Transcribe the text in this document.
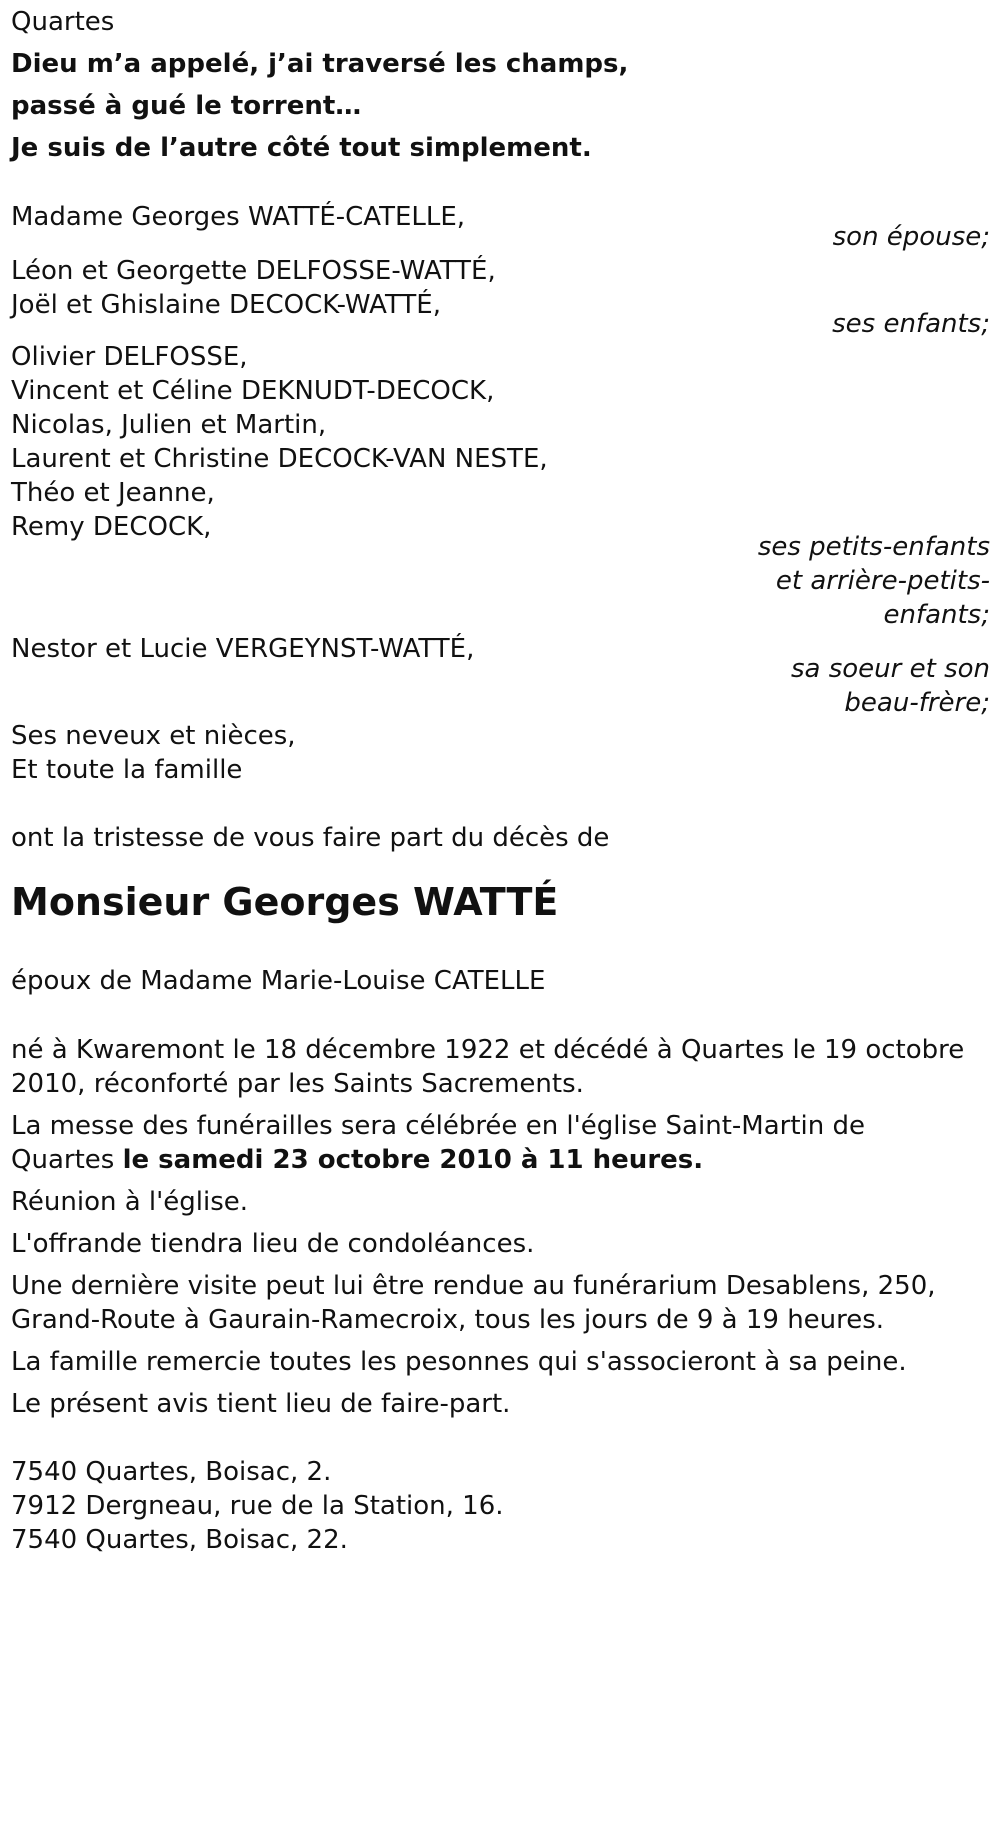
Quartes
Dieu m’a appelé, j’ai traversé les champs,
passé à gué le torrent…
Je suis de l’autre côté tout simplement.
Madame Georges WATTÉ-CATELLE,
son épouse;
Léon et Georgette DELFOSSE-WATTÉ,
Joël et Ghislaine DECOCK-WATTÉ,
ses enfants;
Olivier DELFOSSE,
Vincent et Céline DEKNUDT-DECOCK,
Nicolas, Julien et Martin,
Laurent et Christine DECOCK-VAN NESTE,
Théo et Jeanne,
Remy DECOCK,
ses petits-enfants
et arrière-petits-
enfants;
Nestor et Lucie VERGEYNST-WATTÉ,
sa soeur et son
beau-frère;
Ses neveux et nièces,
Et toute la famille
ont la tristesse de vous faire part du décès de
Monsieur Georges WATTÉ
époux de Madame Marie-Louise CATELLE
né à Kwaremont le 18 décembre 1922 et décédé à Quartes le 19 octobre
2010, réconforté par les Saints Sacrements.
La messe des funérailles sera célébrée en l'église Saint-Martin de
Quartes le samedi 23 octobre 2010 à 11 heures.
Réunion à l'église.
L'offrande tiendra lieu de condoléances.
Une dernière visite peut lui être rendue au funérarium Desablens, 250,
Grand-Route à Gaurain-Ramecroix, tous les jours de 9 à 19 heures.
La famille remercie toutes les pesonnes qui s'associeront à sa peine.
Le présent avis tient lieu de faire-part.
7540 Quartes, Boisac, 2.
7912 Dergneau, rue de la Station, 16.
7540 Quartes, Boisac, 22.
